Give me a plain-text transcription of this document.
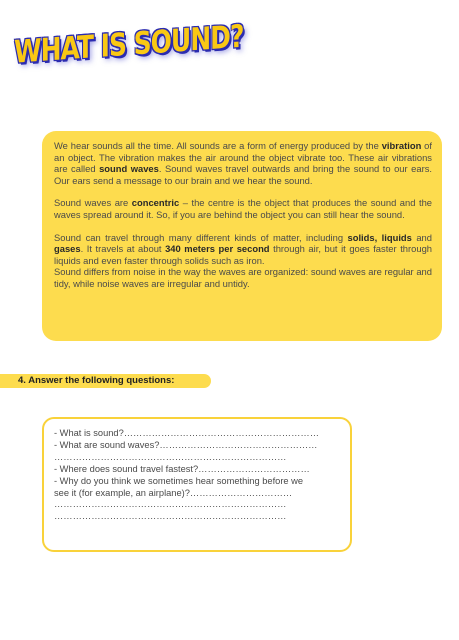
WHAT IS SOUND?

We hear sounds all the time. All sounds are a form of energy produced by the vibration of an object. The vibration makes the air around the object vibrate too. These air vibrations are called sound waves. Sound waves travel outwards and bring the sound to our ears. Our ears send a message to our brain and we hear the sound.

Sound waves are concentric – the centre is the object that produces the sound and the waves spread around it. So, if you are behind the object you can still hear the sound.

Sound can travel through many different kinds of matter, including solids, liquids and gases. It travels at about 340 meters per second through air, but it goes faster through liquids and even faster through solids such as iron.

Sound differs from noise in the way the waves are organized: sound waves are regular and tidy, while noise waves are irregular and untidy.

4. Answer the following questions:
- What is sound?………………………………………………………
- What are sound waves?……………………………………………
…………………………………………………………………
- Where does sound travel fastest?………………………………
- Why do you think we sometimes hear something before we
see it (for example, an airplane)?……………………………
…………………………………………………………………
…………………………………………………………………
